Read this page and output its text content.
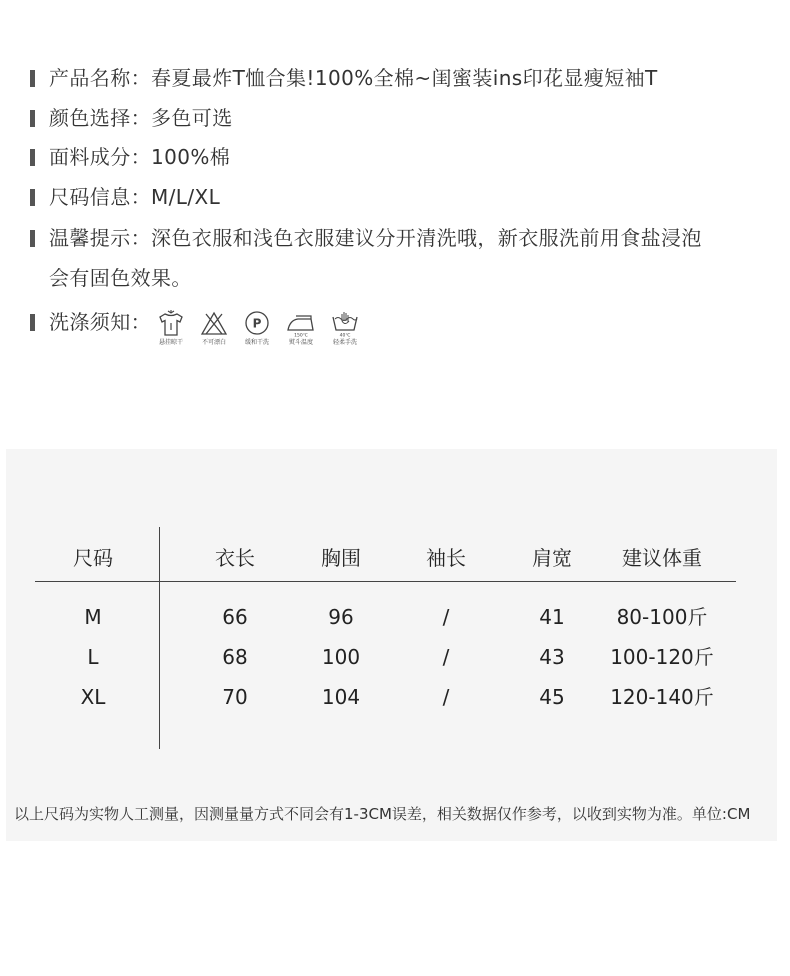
产品名称：春夏最炸T恤合集!100%全棉~闺蜜装ins印花显瘦短袖T
颜色选择：多色可选
面料成分：100%棉
尺码信息：M/L/XL
温馨提示：深色衣服和浅色衣服建议分开清洗哦，新衣服洗前用食盐浸泡
会有固色效果。
洗涤须知：
悬挂晾干	不可漂白
P
缓和干洗
150℃
熨斗温度
40℃
轻柔手洗
尺码	衣长	胸围	袖长	肩宽	建议体重
M	66	96	/	41	80-100斤
L	68	100	/	43 100-120斤
XL	70	104	/	45 120-140斤
以上尺码为实物人工测量，因测量量方式不同会有1-3CM误差，相关数据仅作参考，以收到实物为准。单位:CM
